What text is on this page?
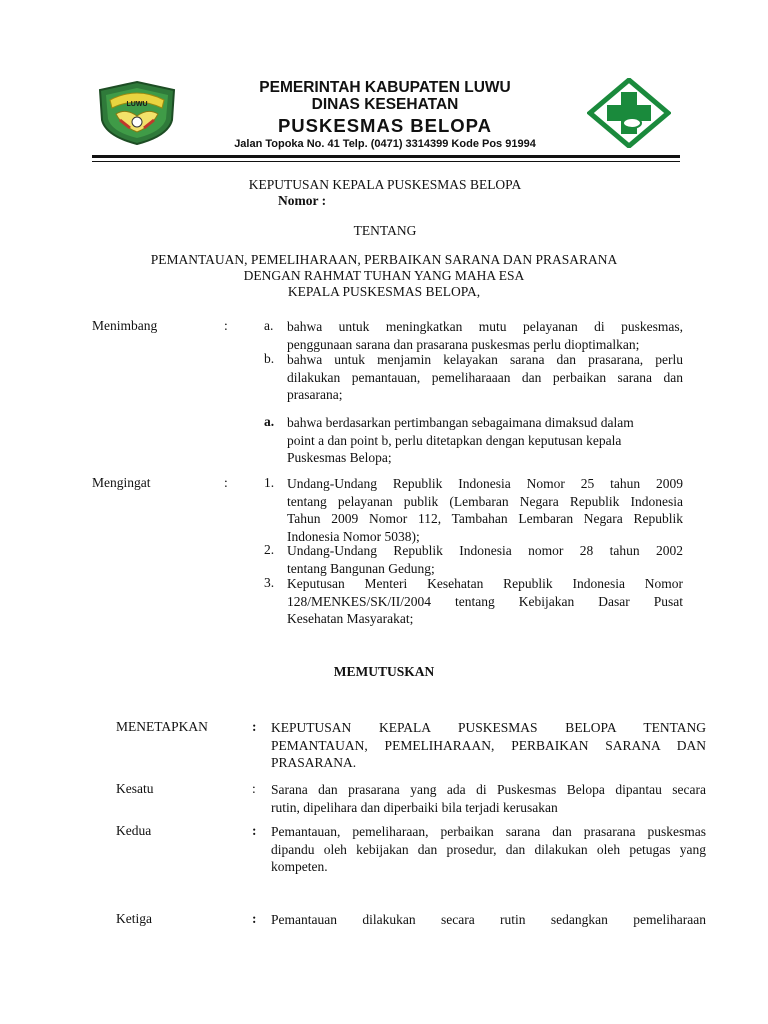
LUWU
PEMERINTAH KABUPATEN LUWU
DINAS KESEHATAN
PUSKESMAS BELOPA
Jalan Topoka No. 41 Telp. (0471) 3314399 Kode Pos 91994
KEPUTUSAN KEPALA PUSKESMAS BELOPA
Nomor :
TENTANG
PEMANTAUAN, PEMELIHARAAN, PERBAIKAN SARANA DAN PRASARANA
DENGAN RAHMAT TUHAN YANG MAHA ESA
KEPALA PUSKESMAS BELOPA,
Menimbang	:	a. bahwa untuk meningkatkan mutu pelayanan di puskesmas,
penggunaan sarana dan prasarana puskesmas perlu dioptimalkan;
b. bahwa untuk menjamin kelayakan sarana dan prasarana, perlu
dilakukan pemantauan, pemeliharaaan dan perbaikan sarana dan
prasarana;
a. bahwa berdasarkan pertimbangan sebagaimana dimaksud dalam
point a dan point b, perlu ditetapkan dengan keputusan kepala
Puskesmas Belopa;
Mengingat	:	1. Undang-Undang Republik Indonesia Nomor 25 tahun 2009
tentang pelayanan publik (Lembaran Negara Republik Indonesia
Tahun 2009 Nomor 112, Tambahan Lembaran Negara Republik
Indonesia Nomor 5038);
2. Undang-Undang Republik Indonesia nomor 28 tahun 2002
tentang Bangunan Gedung;
3. Keputusan Menteri Kesehatan Republik Indonesia Nomor
128/MENKES/SK/II/2004 tentang Kebijakan Dasar Pusat
Kesehatan Masyarakat;
MEMUTUSKAN
MENETAPKAN	: KEPUTUSAN KEPALA PUSKESMAS BELOPA TENTANG
PEMANTAUAN, PEMELIHARAAN, PERBAIKAN SARANA DAN
PRASARANA.
Kesatu	: Sarana dan prasarana yang ada di Puskesmas Belopa dipantau secara
rutin, dipelihara dan diperbaiki bila terjadi kerusakan
Kedua	: Pemantauan, pemeliharaan, perbaikan sarana dan prasarana puskesmas
dipandu oleh kebijakan dan prosedur, dan dilakukan oleh petugas yang
kompeten.
Ketiga	: Pemantauan dilakukan secara rutin sedangkan pemeliharaan
